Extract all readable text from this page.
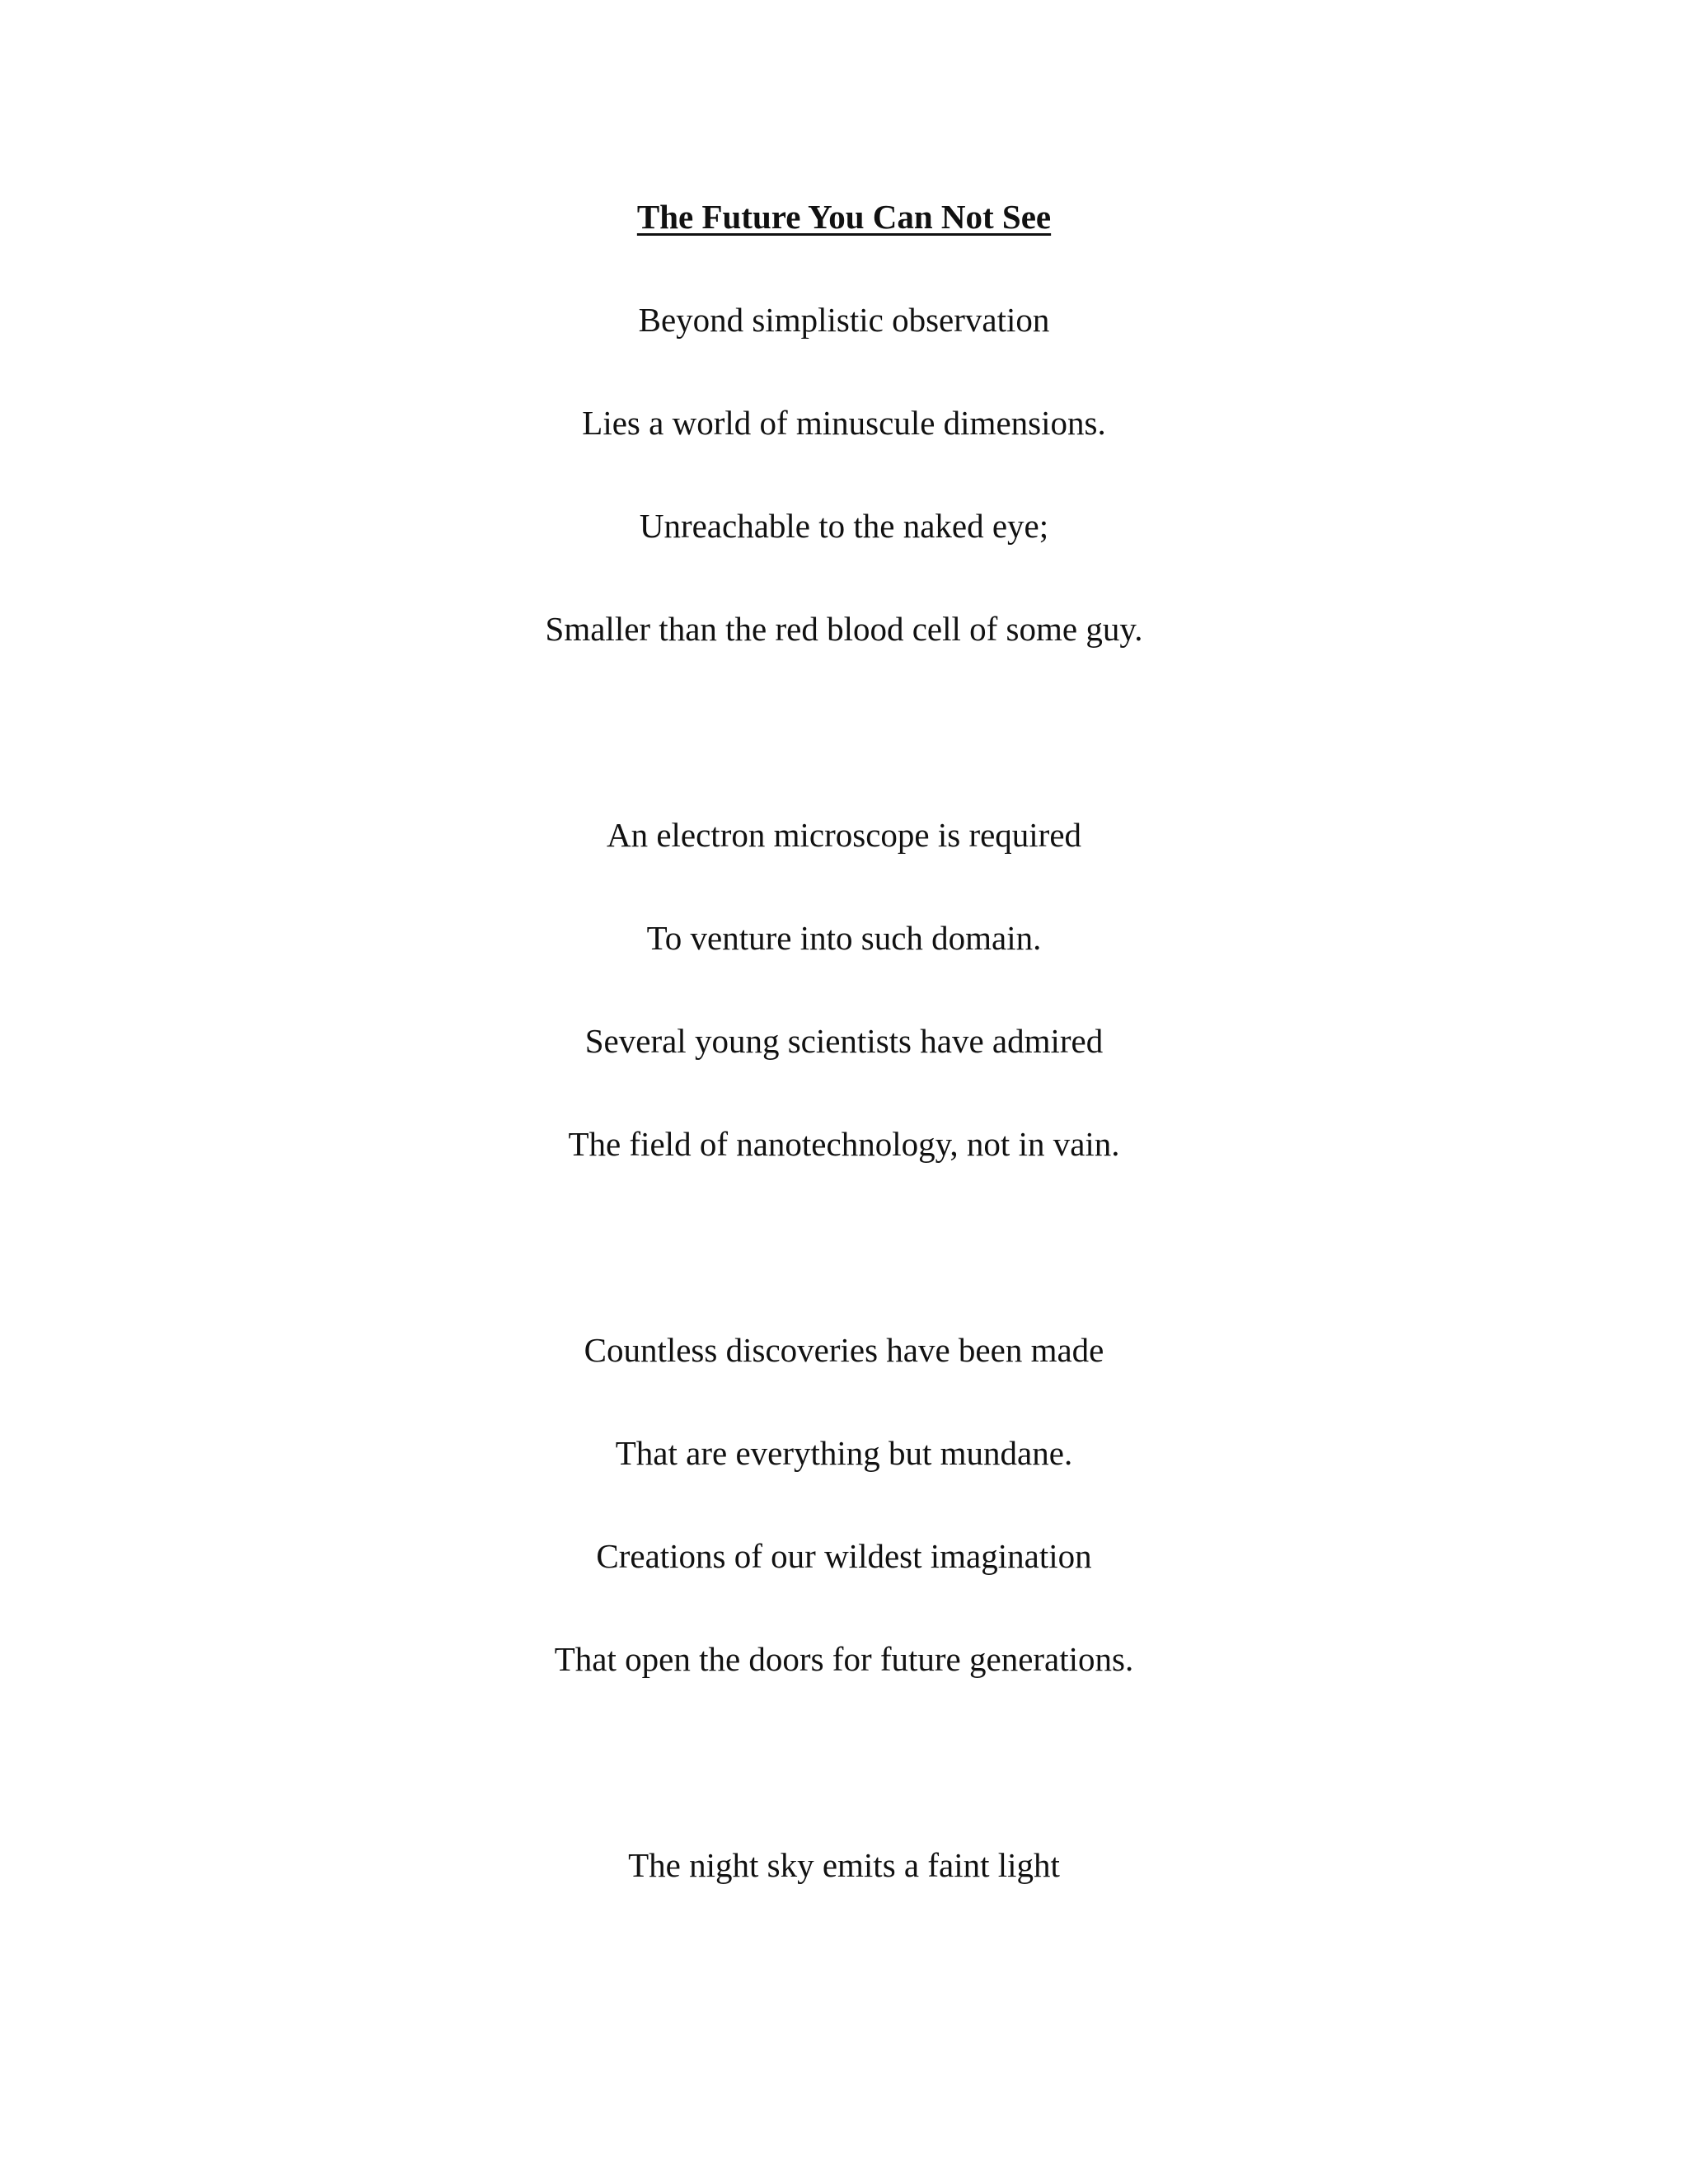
The Future You Can Not See

Beyond simplistic observation

Lies a world of minuscule dimensions.

Unreachable to the naked eye;

Smaller than the red blood cell of some guy.

An electron microscope is required

To venture into such domain.

Several young scientists have admired

The field of nanotechnology, not in vain.

Countless discoveries have been made

That are everything but mundane.

Creations of our wildest imagination

That open the doors for future generations.

The night sky emits a faint light
